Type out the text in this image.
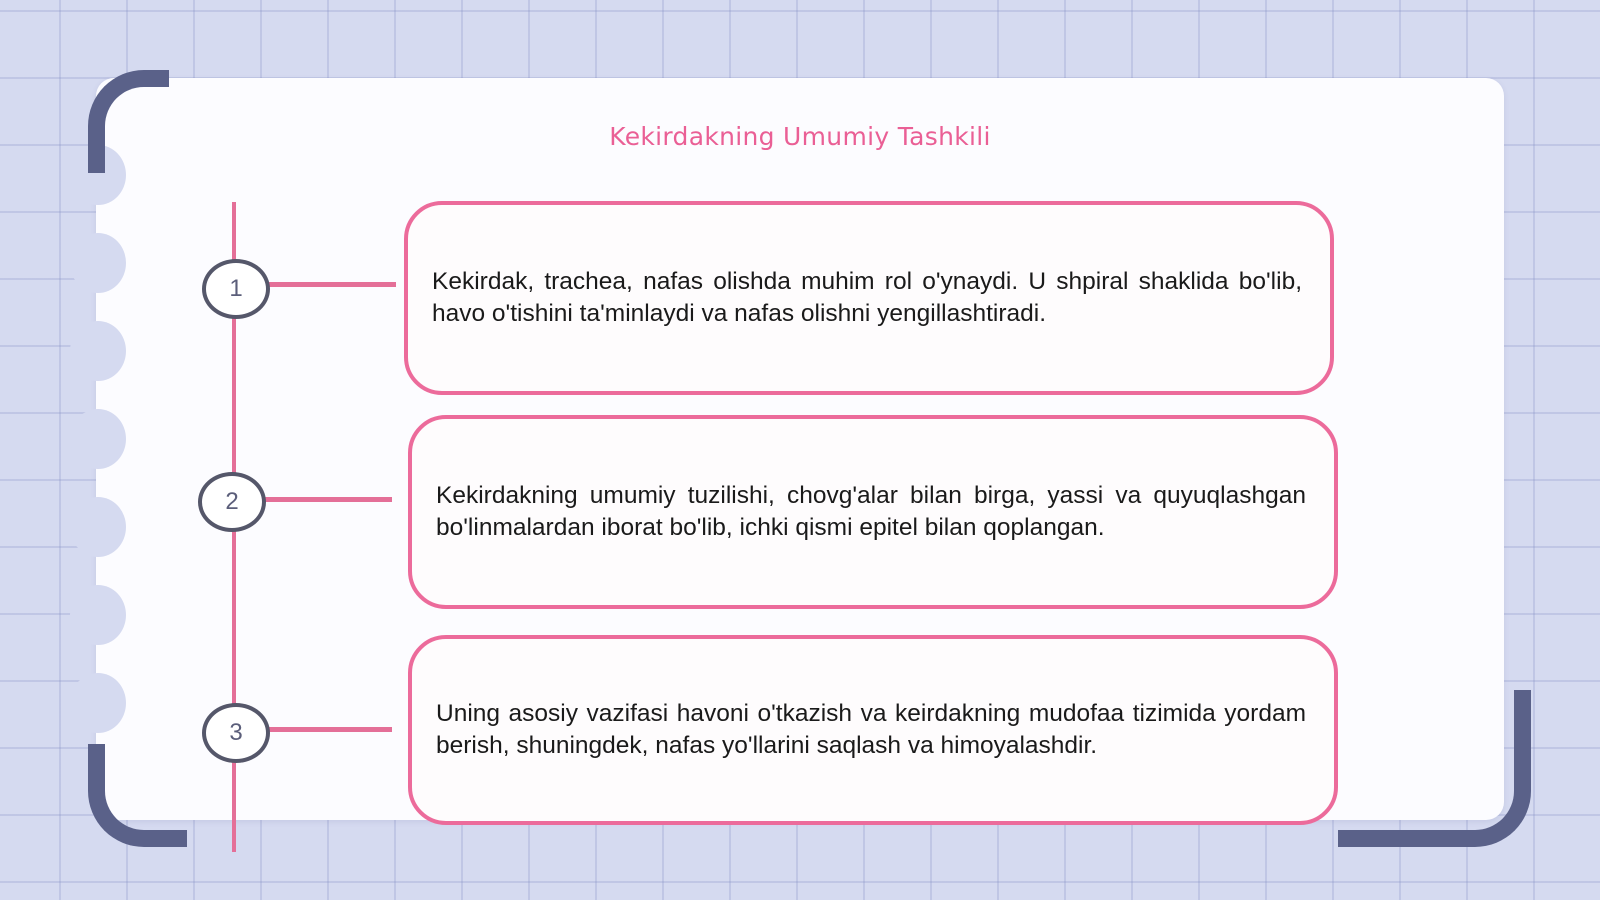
Kekirdakning Umumiy Tashkili
1
2
3

Kekirdak, trachea, nafas olishda muhim rol o'ynaydi. U shpiral shaklida bo'lib, havo o'tishini ta'minlaydi va nafas olishni yengillashtiradi.

Kekirdakning umumiy tuzilishi, chovg'alar bilan birga, yassi va quyuqlashgan bo'linmalardan iborat bo'lib, ichki qismi epitel bilan qoplangan.

Uning asosiy vazifasi havoni o'tkazish va keirdakning mudofaa tizimida yordam berish, shuningdek, nafas yo'llarini saqlash va himoyalashdir.
